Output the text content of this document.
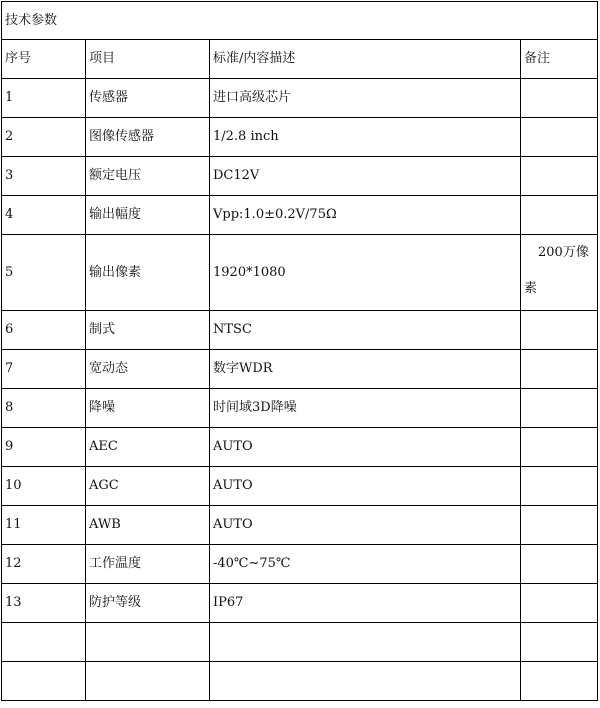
技术参数			
序号	项目	标准/内容描述	备注
1	传感器	进口高级芯片	
2	图像传感器	1/2.8 inch	
3	额定电压	DC12V	
4	输出幅度	Vpp:1.0±0.2V/75Ω	
5	输出像素	1920*1080	200万像
素

6	制式	NTSC	
7	宽动态	数字WDR	
8	降噪	时间域3D降噪	
9	AEC	AUTO	
10	AGC	AUTO	
11	AWB	AUTO	
12	工作温度	-40℃~75℃	
13	防护等级	IP67	
